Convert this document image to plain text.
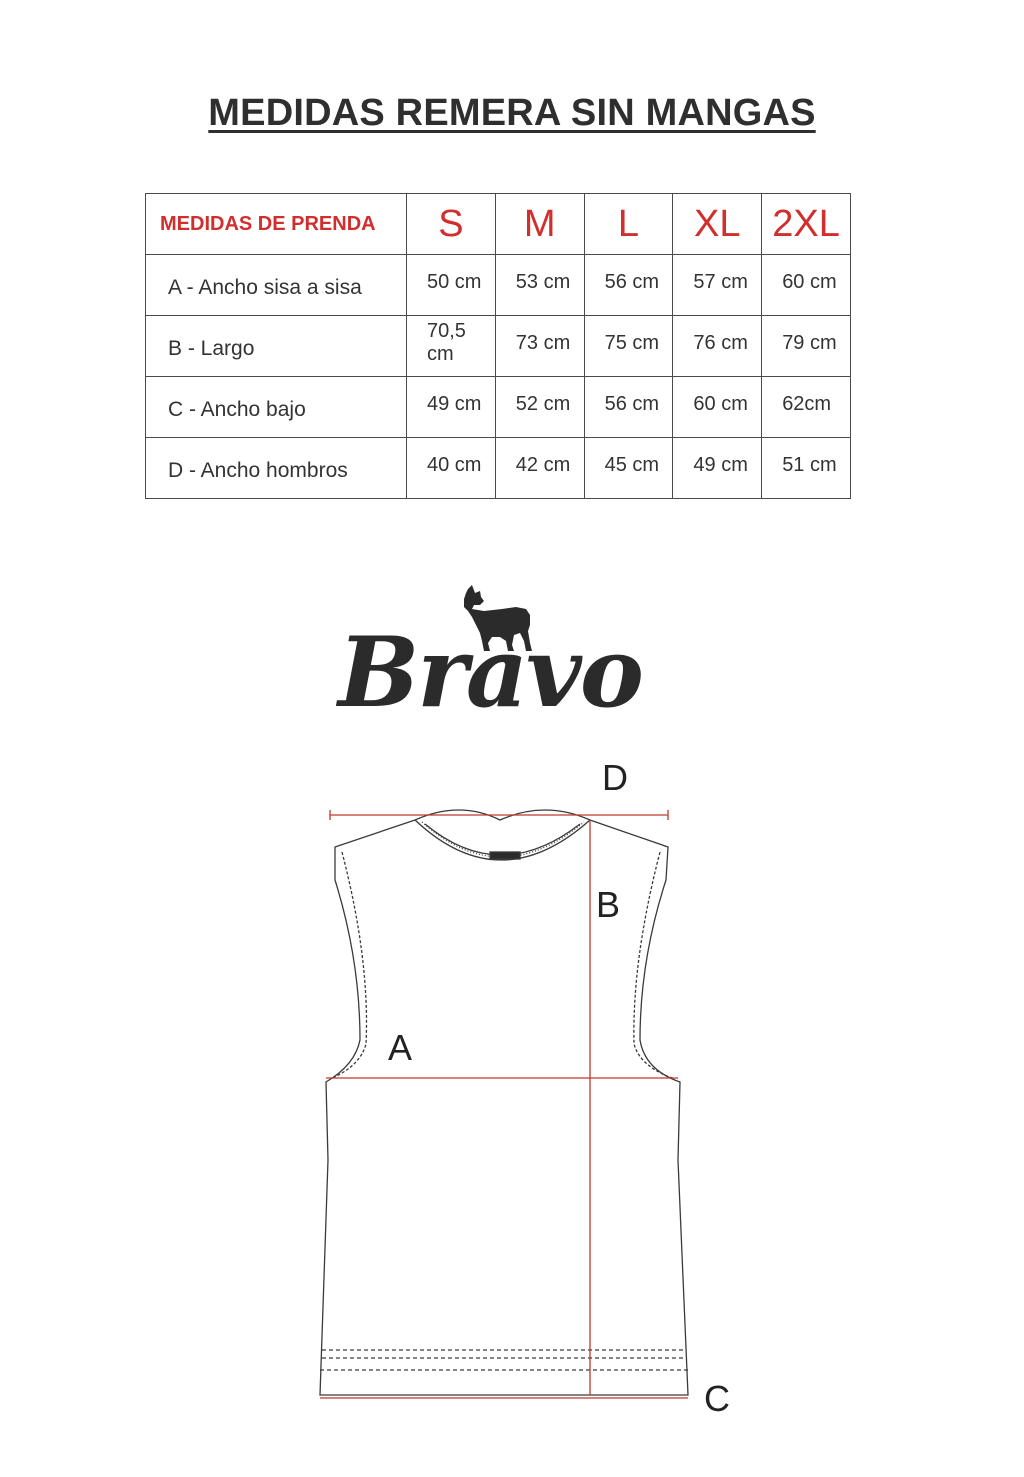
MEDIDAS REMERA SIN MANGAS
MEDIDAS DE PRENDA	S	M	L	XL	2XL
A - Ancho sisa a sisa	50 cm	53 cm	56 cm	57 cm	60 cm
B - Largo	70,5 cm	73 cm	75 cm	76 cm	79 cm
C - Ancho bajo	49 cm	52 cm	56 cm	60 cm	62cm
D - Ancho hombros	40 cm	42 cm	45 cm	49 cm	51 cm
Bravo
D
B
A
C
